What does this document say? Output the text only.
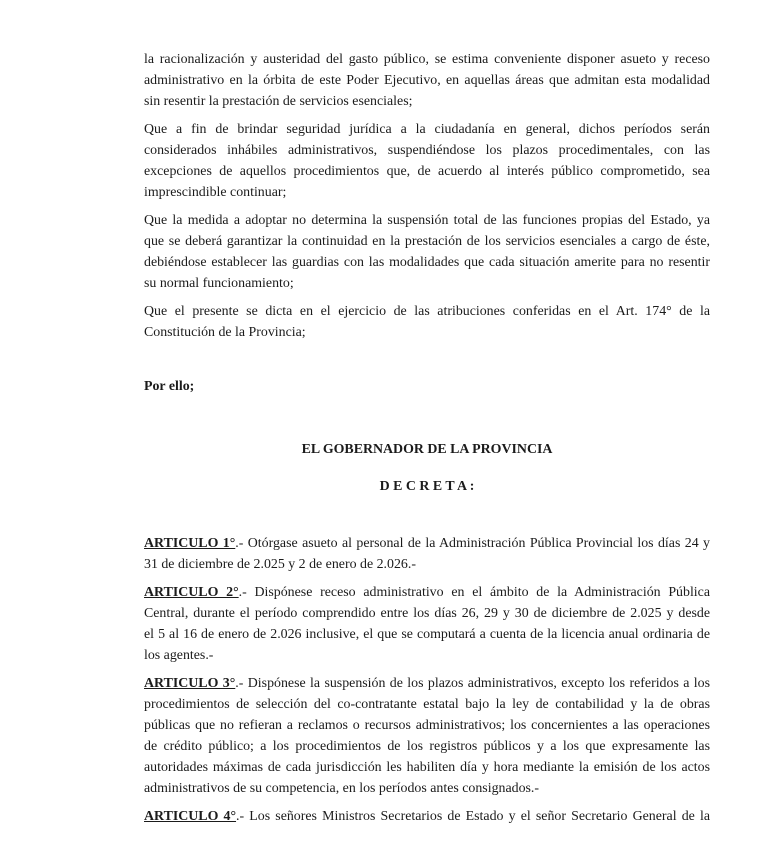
la racionalización y austeridad del gasto público, se estima conveniente disponer asueto y receso
administrativo en la órbita de este Poder Ejecutivo, en aquellas áreas que admitan esta modalidad
sin resentir la prestación de servicios esenciales;

Que a fin de brindar seguridad jurídica a la ciudadanía en general, dichos períodos serán
considerados inhábiles administrativos, suspendiéndose los plazos procedimentales, con las
excepciones de aquellos procedimientos que, de acuerdo al interés público comprometido, sea
imprescindible continuar;

Que la medida a adoptar no determina la suspensión total de las funciones propias del Estado, ya
que se deberá garantizar la continuidad en la prestación de los servicios esenciales a cargo de éste,
debiéndose establecer las guardias con las modalidades que cada situación amerite para no resentir
su normal funcionamiento;

Que el presente se dicta en el ejercicio de las atribuciones conferidas en el Art. 174° de la
Constitución de la Provincia;

Por ello;

EL GOBERNADOR DE LA PROVINCIA

D E C R E T A :

ARTICULO 1°.- Otórgase asueto al personal de la Administración Pública Provincial los días 24 y
31 de diciembre de 2.025 y 2 de enero de 2.026.-

ARTICULO 2°.- Dispónese receso administrativo en el ámbito de la Administración Pública
Central, durante el período comprendido entre los días 26, 29 y 30 de diciembre de 2.025 y desde
el 5 al 16 de enero de 2.026 inclusive, el que se computará a cuenta de la licencia anual ordinaria de
los agentes.-

ARTICULO 3°.- Dispónese la suspensión de los plazos administrativos, excepto los referidos a los
procedimientos de selección del co-contratante estatal bajo la ley de contabilidad y la de obras
públicas que no refieran a reclamos o recursos administrativos; los concernientes a las operaciones
de crédito público; a los procedimientos de los registros públicos y a los que expresamente las
autoridades máximas de cada jurisdicción les habiliten día y hora mediante la emisión de los actos
administrativos de su competencia, en los períodos antes consignados.-

ARTICULO 4°.- Los señores Ministros Secretarios de Estado y el señor Secretario General de la
